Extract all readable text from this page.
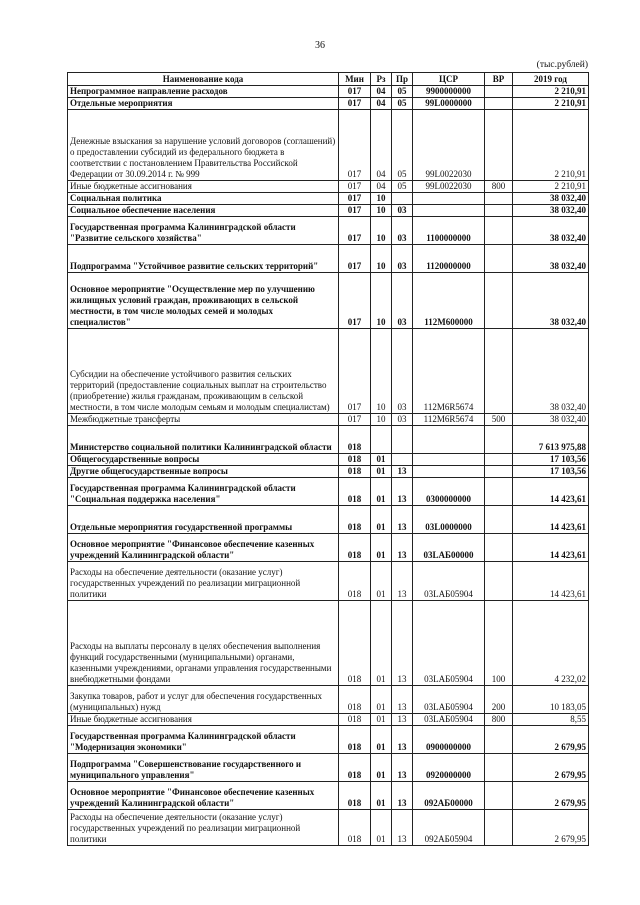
36
(тыс.рублей)
Наименование кода	Мин	Рз	Пр	ЦСР	ВР	2019 год
Непрограммное направление расходов	017	04	05	9900000000		2 210,91
Отдельные мероприятия	017	04	05	99L0000000		2 210,91
Денежные взыскания за нарушение условий договоров (соглашений) о предоставлении субсидий из федерального бюджета в соответствии с постановлением Правительства Российской Федерации от 30.09.2014 г. № 999	017	04	05	99L0022030		2 210,91
Иные бюджетные ассигнования	017	04	05	99L0022030	800	2 210,91
Социальная политика	017	10				38 032,40
Социальное обеспечение населения	017	10	03			38 032,40
Государственная программа Калининградской области "Развитие сельского хозяйства"	017	10	03	1100000000		38 032,40
Подпрограмма "Устойчивое развитие сельских территорий"	017	10	03	1120000000		38 032,40
Основное мероприятие "Осуществление мер по улучшению жилищных условий граждан, проживающих в сельской местности, в том числе молодых семей и молодых специалистов"	017	10	03	112M600000		38 032,40
Субсидии на обеспечение устойчивого развития сельских территорий (предоставление социальных выплат на строительство (приобретение) жилья гражданам, проживающим в сельской местности, в том числе молодым семьям и молодым специалистам)	017	10	03	112M6R5674		38 032,40
Межбюджетные трансферты	017	10	03	112M6R5674	500	38 032,40
Министерство социальной политики Калининградской области	018					7 613 975,88
Общегосударственные вопросы	018	01				17 103,56
Другие общегосударственные вопросы	018	01	13			17 103,56
Государственная программа Калининградской области "Социальная поддержка населения"	018	01	13	0300000000		14 423,61
Отдельные мероприятия государственной программы	018	01	13	03L0000000		14 423,61
Основное мероприятие "Финансовое обеспечение казенных учреждений Калининградской области"	018	01	13	03LАБ00000		14 423,61
Расходы на обеспечение деятельности (оказание услуг) государственных учреждений по реализации миграционной политики	018	01	13	03LАБ05904		14 423,61
Расходы на выплаты персоналу в целях обеспечения выполнения функций государственными (муниципальными) органами, казенными учреждениями, органами управления государственными внебюджетными фондами	018	01	13	03LАБ05904	100	4 232,02
Закупка товаров, работ и услуг для обеспечения государственных (муниципальных) нужд	018	01	13	03LАБ05904	200	10 183,05
Иные бюджетные ассигнования	018	01	13	03LАБ05904	800	8,55
Государственная программа Калининградской области "Модернизация экономики"	018	01	13	0900000000		2 679,95
Подпрограмма "Совершенствование государственного и муниципального управления"	018	01	13	0920000000		2 679,95
Основное мероприятие "Финансовое обеспечение казенных учреждений Калининградской области"	018	01	13	092АБ00000		2 679,95
Расходы на обеспечение деятельности (оказание услуг) государственных учреждений по реализации миграционной политики	018	01	13	092АБ05904		2 679,95
